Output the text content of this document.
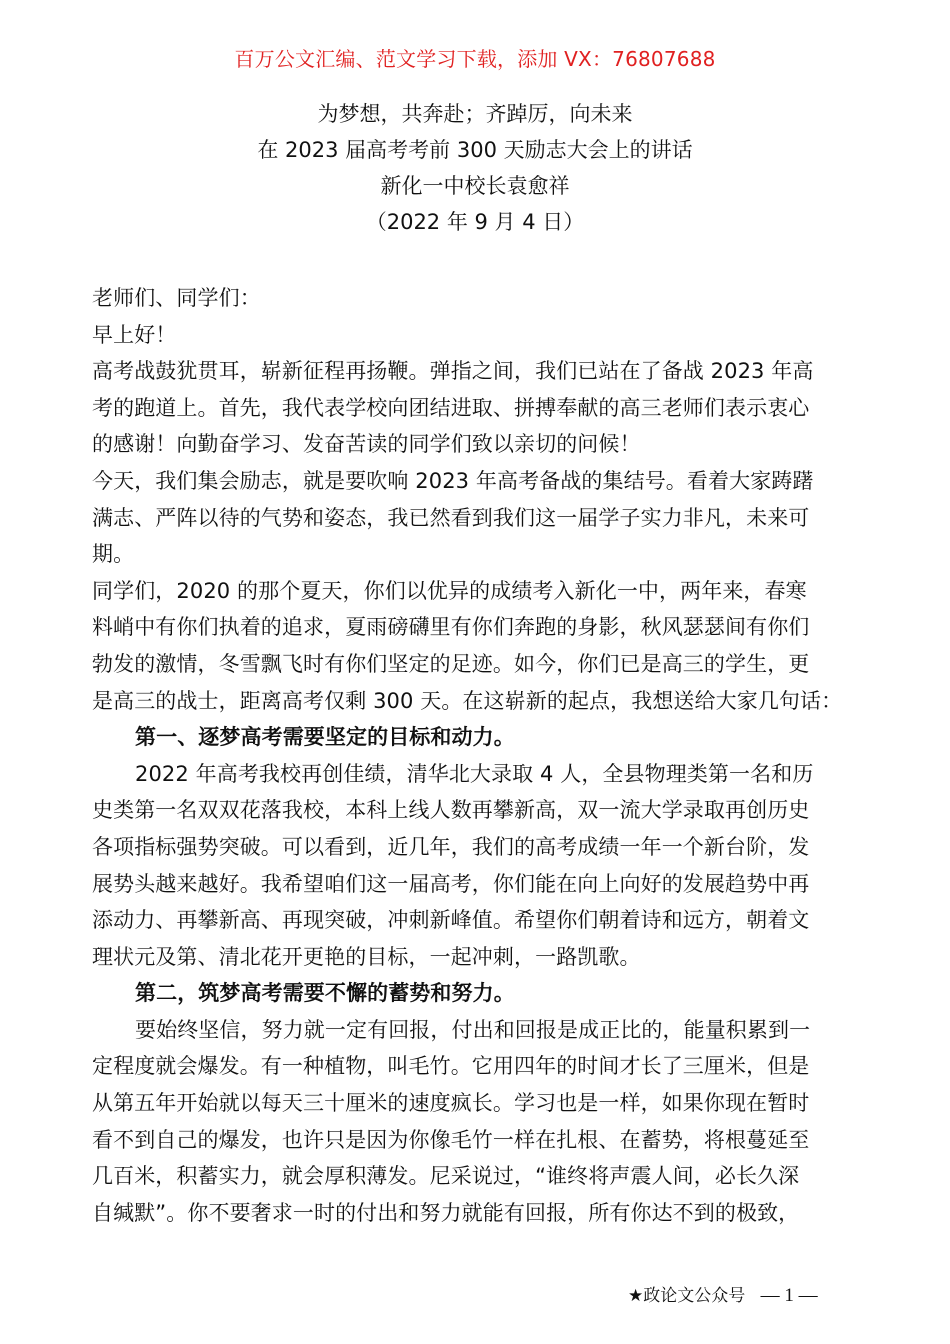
百万公文汇编、范文学习下载，添加 VX：76807688
为梦想，共奔赴；齐踔厉，向未来
在 2023 届高考考前 300 天励志大会上的讲话
新化一中校长袁愈祥
（2022 年 9 月 4 日）
老师们、同学们：
早上好！
高考战鼓犹贯耳，崭新征程再扬鞭。弹指之间，我们已站在了备战 2023 年高
考的跑道上。首先，我代表学校向团结进取、拼搏奉献的高三老师们表示衷心
的感谢！向勤奋学习、发奋苦读的同学们致以亲切的问候！
今天，我们集会励志，就是要吹响 2023 年高考备战的集结号。看着大家踌躇
满志、严阵以待的气势和姿态，我已然看到我们这一届学子实力非凡，未来可
期。
同学们，2020 的那个夏天，你们以优异的成绩考入新化一中，两年来，春寒
料峭中有你们执着的追求，夏雨磅礴里有你们奔跑的身影，秋风瑟瑟间有你们
勃发的激情，冬雪飘飞时有你们坚定的足迹。如今，你们已是高三的学生，更
是高三的战士，距离高考仅剩 300 天。在这崭新的起点，我想送给大家几句话：
第一、逐梦高考需要坚定的目标和动力。
2022 年高考我校再创佳绩，清华北大录取 4 人，全县物理类第一名和历
史类第一名双双花落我校，本科上线人数再攀新高，双一流大学录取再创历史
各项指标强势突破。可以看到，近几年，我们的高考成绩一年一个新台阶，发
展势头越来越好。我希望咱们这一届高考，你们能在向上向好的发展趋势中再
添动力、再攀新高、再现突破，冲刺新峰值。希望你们朝着诗和远方，朝着文
理状元及第、清北花开更艳的目标，一起冲刺，一路凯歌。
第二，筑梦高考需要不懈的蓄势和努力。
要始终坚信，努力就一定有回报，付出和回报是成正比的，能量积累到一
定程度就会爆发。有一种植物，叫毛竹。它用四年的时间才长了三厘米，但是
从第五年开始就以每天三十厘米的速度疯长。学习也是一样，如果你现在暂时
看不到自己的爆发，也许只是因为你像毛竹一样在扎根、在蓄势，将根蔓延至
几百米，积蓄实力，就会厚积薄发。尼采说过，“谁终将声震人间，必长久深
自缄默”。你不要奢求一时的付出和努力就能有回报，所有你达不到的极致，
★政论文公众号 — 1 —
